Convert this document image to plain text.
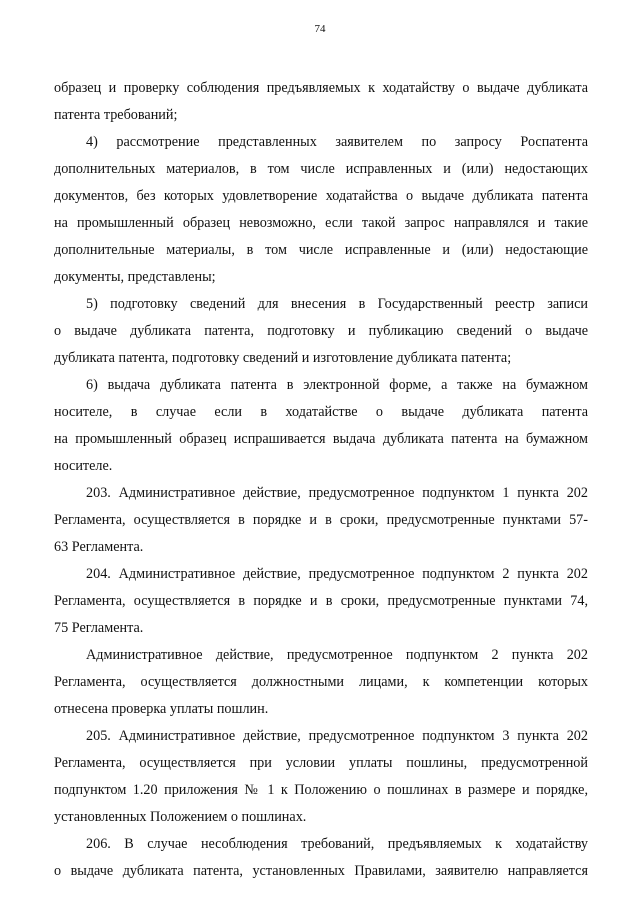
74
образец и проверку соблюдения предъявляемых к ходатайству о выдаче дубликата
патента требований;
4) рассмотрение представленных заявителем по запросу Роспатента
дополнительных материалов, в том числе исправленных и (или) недостающих
документов, без которых удовлетворение ходатайства о выдаче дубликата патента
на промышленный образец невозможно, если такой запрос направлялся и такие
дополнительные материалы, в том числе исправленные и (или) недостающие
документы, представлены;
5) подготовку сведений для внесения в Государственный реестр записи
о выдаче дубликата патента, подготовку и публикацию сведений о выдаче
дубликата патента, подготовку сведений и изготовление дубликата патента;
6) выдача дубликата патента в электронной форме, а также на бумажном
носителе, в случае если в ходатайстве о выдаче дубликата патента
на промышленный образец испрашивается выдача дубликата патента на бумажном
носителе.
203. Административное действие, предусмотренное подпунктом 1 пункта 202
Регламента, осуществляется в порядке и в сроки, предусмотренные пунктами 57-
63 Регламента.
204. Административное действие, предусмотренное подпунктом 2 пункта 202
Регламента, осуществляется в порядке и в сроки, предусмотренные пунктами 74,
75 Регламента.
Административное действие, предусмотренное подпунктом 2 пункта 202
Регламента, осуществляется должностными лицами, к компетенции которых
отнесена проверка уплаты пошлин.
205. Административное действие, предусмотренное подпунктом 3 пункта 202
Регламента, осуществляется при условии уплаты пошлины, предусмотренной
подпунктом 1.20 приложения № 1 к Положению о пошлинах в размере и порядке,
установленных Положением о пошлинах.
206. В случае несоблюдения требований, предъявляемых к ходатайству
о выдаче дубликата патента, установленных Правилами, заявителю направляется
